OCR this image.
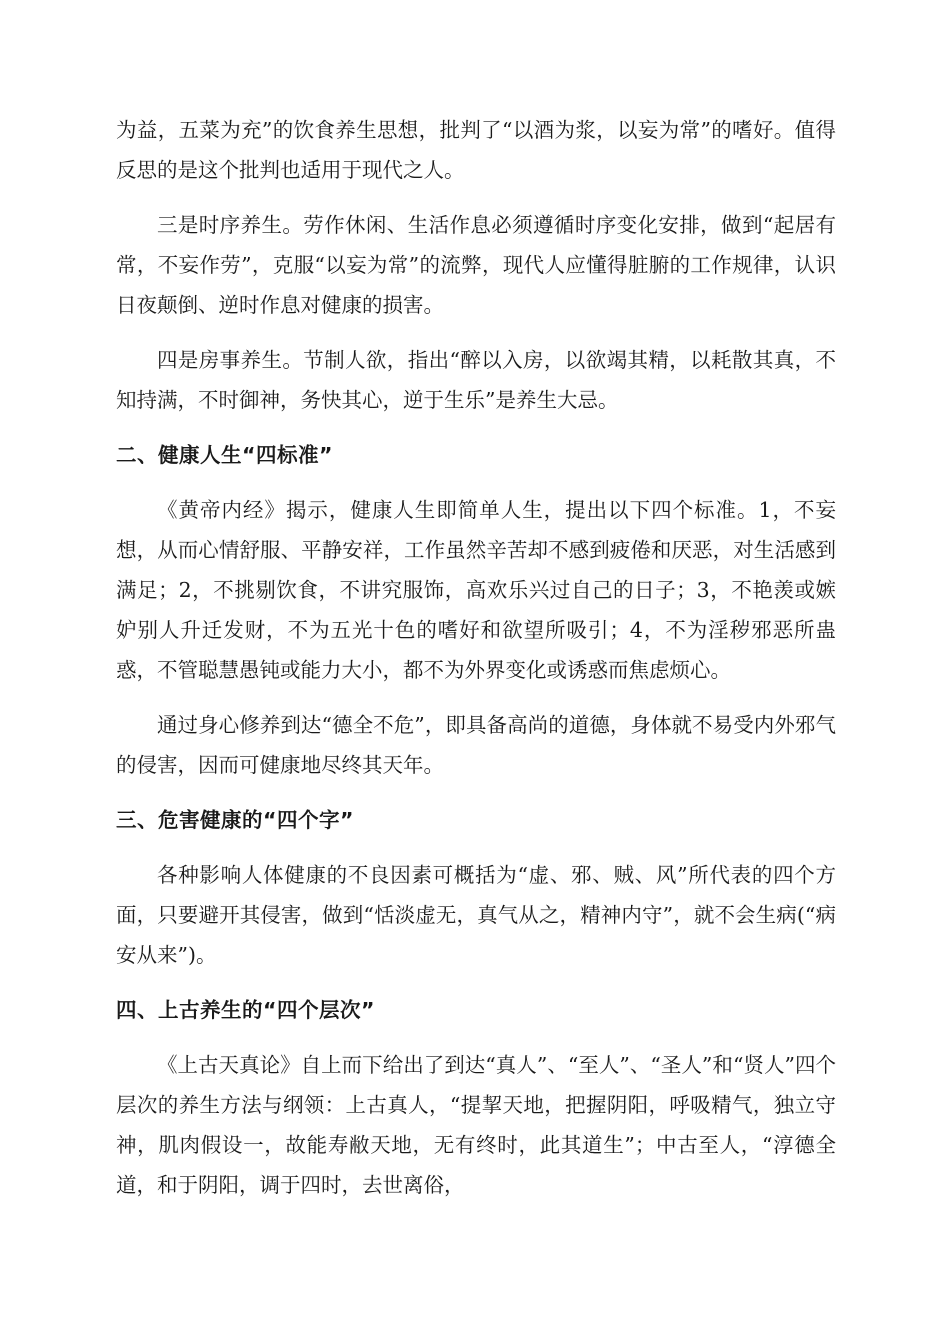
为益，五菜为充”的饮食养生思想，批判了“以酒为浆，以妄为常”的嗜好。值得反思的是这个批判也适用于现代之人。

三是时序养生。劳作休闲、生活作息必须遵循时序变化安排，做到“起居有常，不妄作劳”，克服“以妄为常”的流弊，现代人应懂得脏腑的工作规律，认识日夜颠倒、逆时作息对健康的损害。

四是房事养生。节制人欲，指出“醉以入房，以欲竭其精，以耗散其真，不知持满，不时御神，务快其心，逆于生乐”是养生大忌。

二、健康人生“四标准”

《黄帝内经》揭示，健康人生即简单人生，提出以下四个标准。1，不妄想，从而心情舒服、平静安祥，工作虽然辛苦却不感到疲倦和厌恶，对生活感到满足；2，不挑剔饮食，不讲究服饰，高欢乐兴过自己的日子；3，不艳羡或嫉妒别人升迁发财，不为五光十色的嗜好和欲望所吸引；4，不为淫秽邪恶所蛊惑，不管聪慧愚钝或能力大小，都不为外界变化或诱惑而焦虑烦心。

通过身心修养到达“德全不危”，即具备高尚的道德，身体就不易受内外邪气的侵害，因而可健康地尽终其天年。

三、危害健康的“四个字”

各种影响人体健康的不良因素可概括为“虚、邪、贼、风”所代表的四个方面，只要避开其侵害，做到“恬淡虚无，真气从之，精神内守”，就不会生病(“病安从来”)。

四、上古养生的“四个层次”

《上古天真论》自上而下给出了到达“真人”、“至人”、“圣人”和“贤人”四个层次的养生方法与纲领：上古真人，“提挈天地，把握阴阳，呼吸精气，独立守神，肌肉假设一，故能寿敝天地，无有终时，此其道生”；中古至人，“淳德全道，和于阴阳，调于四时，去世离俗，
